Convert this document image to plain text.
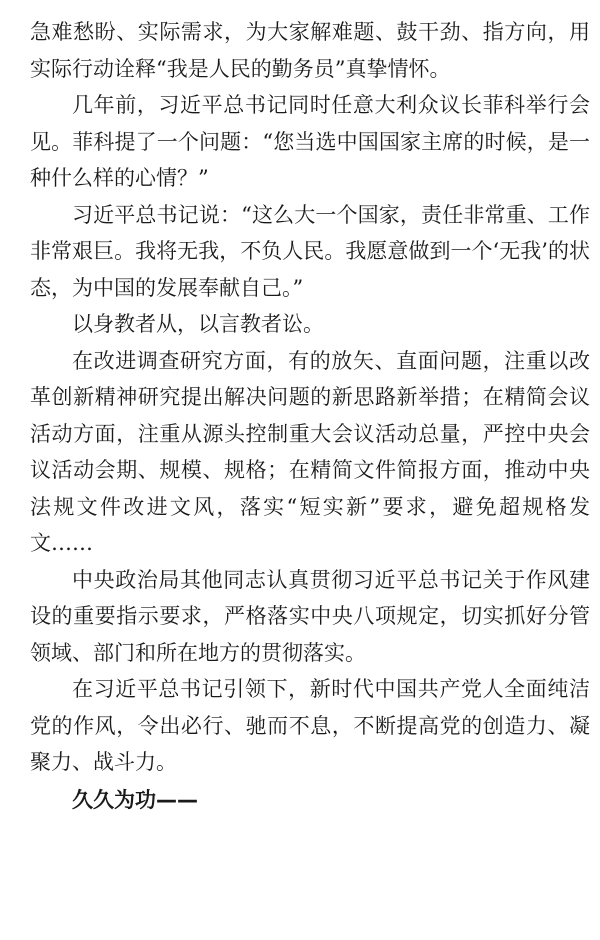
急难愁盼、实际需求，为大家解难题、鼓干劲、指方向，用实际行动诠释“我是人民的勤务员”真挚情怀。

几年前，习近平总书记同时任意大利众议长菲科举行会见。菲科提了一个问题：“您当选中国国家主席的时候，是一种什么样的心情？”

习近平总书记说：“这么大一个国家，责任非常重、工作非常艰巨。我将无我，不负人民。我愿意做到一个‘无我’的状态，为中国的发展奉献自己。”

以身教者从，以言教者讼。

在改进调查研究方面，有的放矢、直面问题，注重以改革创新精神研究提出解决问题的新思路新举措；在精简会议活动方面，注重从源头控制重大会议活动总量，严控中央会议活动会期、规模、规格；在精简文件简报方面，推动中央法规文件改进文风，落实“短实新”要求，避免超规格发文……

中央政治局其他同志认真贯彻习近平总书记关于作风建设的重要指示要求，严格落实中央八项规定，切实抓好分管领域、部门和所在地方的贯彻落实。

在习近平总书记引领下，新时代中国共产党人全面纯洁党的作风，令出必行、驰而不息，不断提高党的创造力、凝聚力、战斗力。

久久为功——
